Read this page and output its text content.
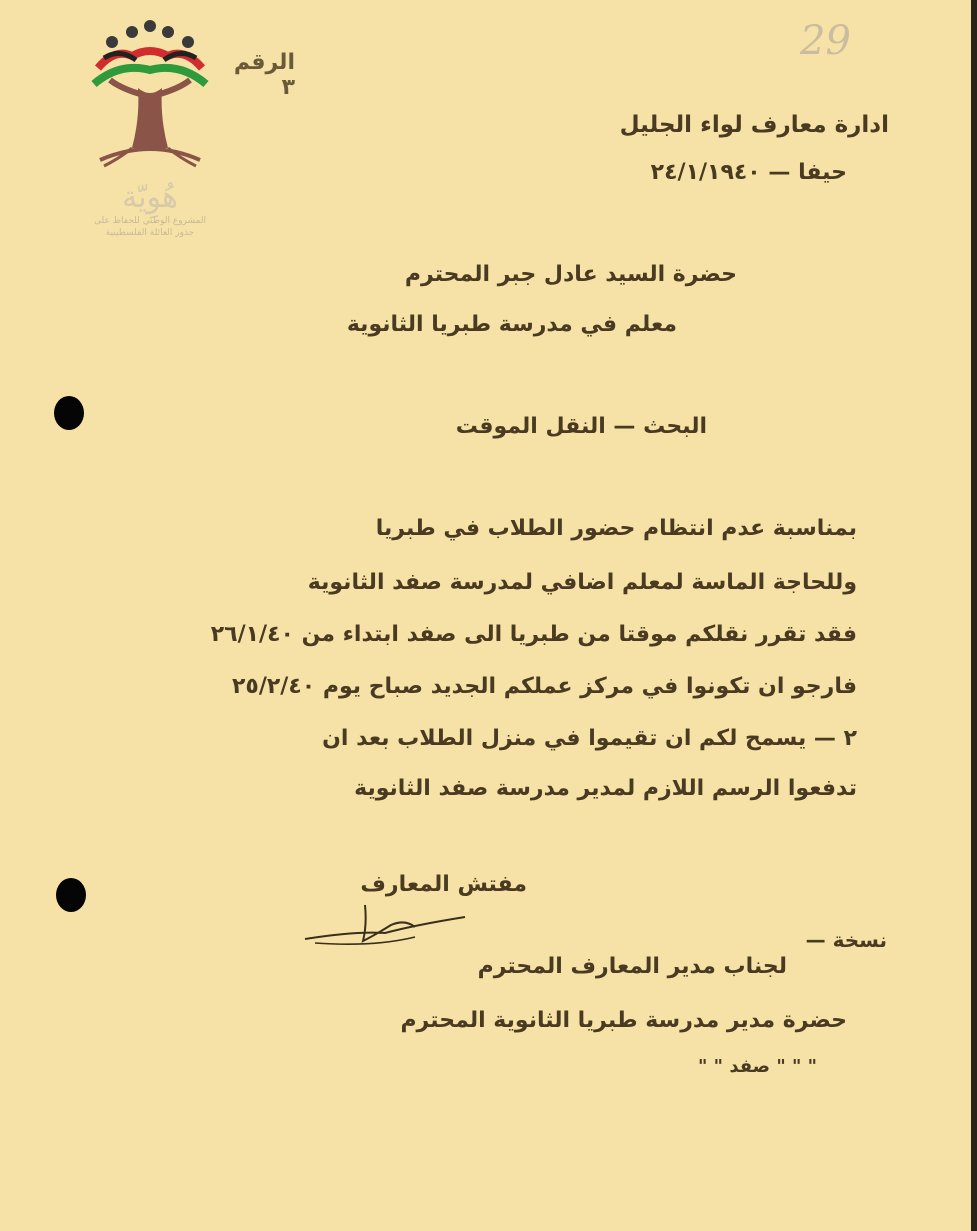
هُوِيّة
المشروع الوطني للحفاظ على
جذور العائلة الفلسطينية
29
الرقم ٣
ادارة معارف لواء الجليل
حيفا — ٢٤/١/١٩٤٠
حضرة السيد عادل جبر المحترم
معلم في مدرسة طبريا الثانوية
البحث — النقل الموقت
بمناسبة عدم انتظام حضور الطلاب في طبريا
وللحاجة الماسة لمعلم اضافي لمدرسة صفد الثانوية
فقد تقرر نقلكم موقتا من طبريا الى صفد ابتداء من ٢٦/١/٤٠
فارجو ان تكونوا في مركز عملكم الجديد صباح يوم ٢٥/٢/٤٠
٢ — يسمح لكم ان تقيموا في منزل الطلاب بعد ان
تدفعوا الرسم اللازم لمدير مدرسة صفد الثانوية
مفتش المعارف
نسخة —
لجناب مدير المعارف المحترم
حضرة مدير مدرسة طبريا الثانوية المحترم
" " " صفد " "
